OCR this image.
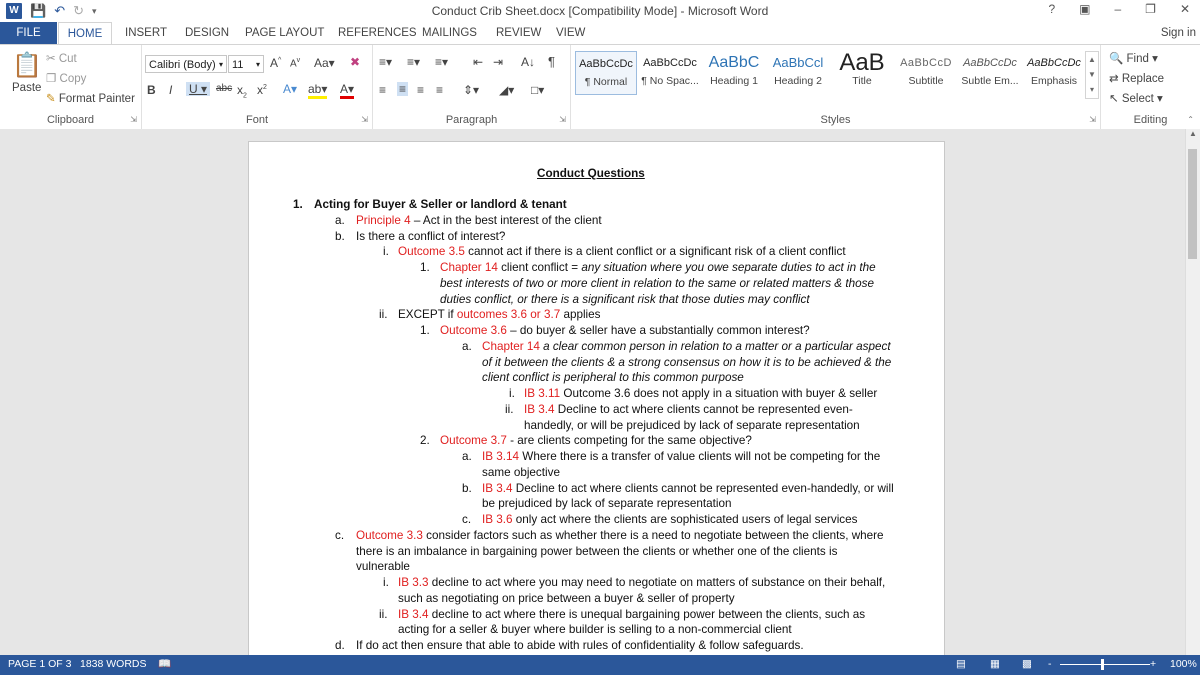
W 💾 ↶ ↻ ▾	Conduct Crib Sheet.docx [Compatibility Mode] - Microsoft Word	? ▣ – ❐ ✕
FILE	HOME	INSERT DESIGN PAGE LAYOUT REFERENCES MAILINGS REVIEW VIEW	Sign in
📋
Paste
✂ Cut
❐ Copy
✎ Format Painter
Clipboard	⇲
Calibri (Body) ▾ 11 ▾ A^ $A^v$ Aa▾ ✖
B I U ▾ abc $x_2$ $x^2$ A▾ ab▾ A▾
Font	⇲
≡▾ ≡▾ ≡▾ ⇤ ⇥ A↓ ¶
≡ ≡ ≡ ≡ ⇕▾ ◢▾ □▾
Paragraph	⇲
AaBbCcDc
¶ Normal
AaBbCcDc
¶ No Spac...
AaBbC
Heading 1
AaBbCcl
Heading 2
AaB
Title
AaBbCcD
Subtitle
AaBbCcDc
Subtle Em...
AaBbCcDc
Emphasis
▲
▼
▾
Styles	⇲
🔍 Find ▾
⇄ Replace
↖ Select ▾
Editing	⌃
Conduct Questions
1. Acting for Buyer & Seller or landlord & tenant
a. Principle 4 – Act in the best interest of the client
b. Is there a conflict of interest?
i. Outcome 3.5 cannot act if there is a client conflict or a significant risk of a client conflict
1. Chapter 14 client conflict = any situation where you owe separate duties to act in the
best interests of two or more client in relation to the same or related matters & those
duties conflict, or there is a significant risk that those duties may conflict
ii. EXCEPT if outcomes 3.6 or 3.7 applies
1. Outcome 3.6 – do buyer & seller have a substantially common interest?
a. Chapter 14 a clear common person in relation to a matter or a particular aspect
of it between the clients & a strong consensus on how it is to be achieved & the
client conflict is peripheral to this common purpose
i. IB 3.11 Outcome 3.6 does not apply in a situation with buyer & seller
ii. IB 3.4 Decline to act where clients cannot be represented even-
handedly, or will be prejudiced by lack of separate representation
2. Outcome 3.7 - are clients competing for the same objective?
a. IB 3.14 Where there is a transfer of value clients will not be competing for the
same objective
b. IB 3.4 Decline to act where clients cannot be represented even-handedly, or will
be prejudiced by lack of separate representation
c. IB 3.6 only act where the clients are sophisticated users of legal services
c. Outcome 3.3 consider factors such as whether there is a need to negotiate between the clients, where
there is an imbalance in bargaining power between the clients or whether one of the clients is
vulnerable
i. IB 3.3 decline to act where you may need to negotiate on matters of substance on their behalf,
such as negotiating on price between a buyer & seller of property
ii. IB 3.4 decline to act where there is unequal bargaining power between the clients, such as
acting for a seller & buyer where builder is selling to a non-commercial client
d. If do act then ensure that able to abide with rules of confidentiality & follow safeguards.
▲
PAGE 1 OF 3 1838 WORDS 📖	▤ ▦ ▩ -	+ 100%
